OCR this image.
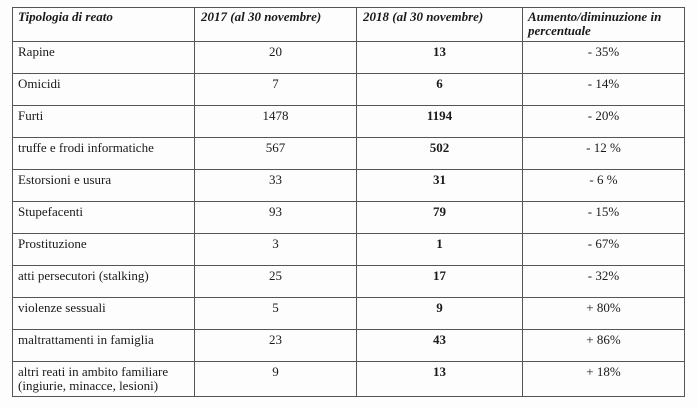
Tipologia di reato	2017 (al 30 novembre)	2018 (al 30 novembre)	Aumento/diminuzione in percentuale
Rapine	20	13	- 35%
Omicidi	7	6	- 14%
Furti	1478	1194	- 20%
truffe e frodi informatiche	567	502	- 12 %
Estorsioni e usura	33	31	- 6 %
Stupefacenti	93	79	- 15%
Prostituzione	3	1	- 67%
atti persecutori (stalking)	25	17	- 32%
violenze sessuali	5	9	+ 80%
maltrattamenti in famiglia	23	43	+ 86%
altri reati in ambito familiare (ingiurie, minacce, lesioni)	9	13	+ 18%
